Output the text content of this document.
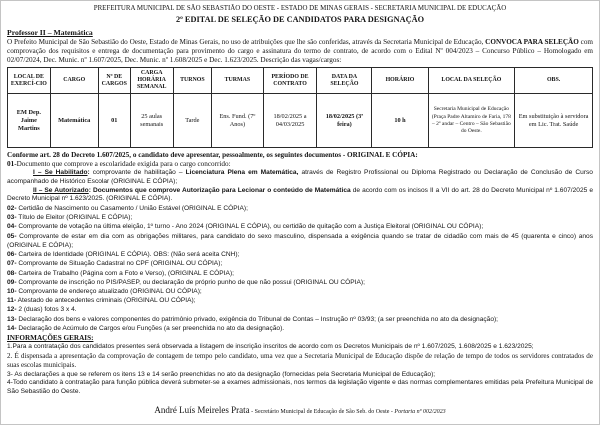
PREFEITURA MUNICIPAL DE SÃO SEBASTIÃO DO OESTE - ESTADO DE MINAS GERAIS - SECRETARIA MUNICIPAL DE EDUCAÇÃO
2º EDITAL DE SELEÇÃO DE CANDIDATOS PARA DESIGNAÇÃO
Professor II – Matemática
O Prefeito Municipal de São Sebastião do Oeste, Estado de Minas Gerais, no uso de atribuições que lhe são conferidas, através da Secretaria Municipal de Educação, CONVOCA PARA SELEÇÃO com comprovação dos requisitos e entrega de documentação para provimento do cargo e assinatura do termo de contrato, de acordo com o Edital Nº 004/2023 – Concurso Público – Homologado em 02/07/2024, Dec. Munic. nº 1.607/2025, Dec. Munic. nº 1.608/2025 e Dec. 1.623/2025. Descrição das vagas/cargos:
LOCAL DE EXERCÍ-CIO	CARGO	Nº DE CARGOS	CARGA HORÁRIA SEMANAL	TURNOS	TURMAS	PERÍODO DE CONTRATO	DATA DA SELEÇÃO	HORÁRIO	LOCAL DA SELEÇÃO	OBS.
EM Dep. Jaime Martins	Matemática	01	25 aulas semanais	Tarde	Ens. Fund. (7º Anos)	18/02/2025 a 04/03/2025	18/02/2025 (3ª feira)	10 h	Secretaria Municipal de Educação (Praça Padre Altamiro de Faria, 178 – 2º andar – Centro – São Sebastião do Oeste.	Em substituição à servidora em Lic. Trat. Saúde
Conforme art. 28 do Decreto 1.607/2025, o candidato deve apresentar, pessoalmente, os seguintes documentos - ORIGINAL E CÓPIA:
01-Documento que comprove a escolaridade exigida para o cargo concorrido:
I – Se Habilitado: comprovante de habilitação – Licenciatura Plena em Matemática, através de Registro Profissional ou Diploma Registrado ou Declaração de Conclusão de Curso acompanhado de Histórico Escolar (ORIGINAL E CÓPIA);
II – Se Autorizado: Documentos que comprove Autorização para Lecionar o conteúdo de Matemática de acordo com os incisos II a VII do art. 28 do Decreto Municipal nº 1.607/2025 e Decreto Municipal nº 1.623/2025. (ORIGINAL E CÓPIA).
02- Certidão de Nascimento ou Casamento / União Estável (ORIGINAL E CÓPIA);
03- Título de Eleitor (ORIGINAL E CÓPIA);
04- Comprovante de votação na última eleição, 1º turno - Ano 2024 (ORIGINAL E CÓPIA), ou certidão de quitação com a Justiça Eleitoral (ORIGINAL OU CÓPIA);
05- Comprovante de estar em dia com as obrigações militares, para candidato do sexo masculino, dispensada a exigência quando se tratar de cidadão com mais de 45 (quarenta e cinco) anos (ORIGINAL E CÓPIA);
06- Carteira de Identidade (ORIGINAL E CÓPIA). OBS: (Não será aceita CNH);
07- Comprovante de Situação Cadastral no CPF (ORIGINAL OU CÓPIA);
08- Carteira de Trabalho (Página com a Foto e Verso), (ORIGINAL E CÓPIA);
09- Comprovante de inscrição no PIS/PASEP, ou declaração de próprio punho de que não possui (ORIGINAL OU CÓPIA);
10- Comprovante de endereço atualizado (ORIGINAL OU CÓPIA);
11- Atestado de antecedentes criminais (ORIGINAL OU CÓPIA);
12- 2 (duas) fotos 3 x 4.
13- Declaração dos bens e valores componentes do patrimônio privado, exigência do Tribunal de Contas – Instrução nº 03/93; (a ser preenchida no ato da designação);
14- Declaração de Acúmulo de Cargos e/ou Funções (a ser preenchida no ato da designação).
INFORMAÇÕES GERAIS:
1.Para a contratação dos candidatos presentes será observada a listagem de inscrição inscritos de acordo com os Decretos Municipais de nº 1.607/2025, 1.608/2025 e 1.623/2025;
2. É dispensada a apresentação da comprovação de contagem de tempo pelo candidato, uma vez que a Secretaria Municipal de Educação dispõe de relação de tempo de todos os servidores contratados de suas escolas municipais.
3- As declarações a que se referem os itens 13 e 14 serão preenchidas no ato da designação (fornecidas pela Secretaria Municipal de Educação);
4-Todo candidato à contratação para função pública deverá submeter-se a exames admissionais, nos termos da legislação vigente e das normas complementares emitidas pela Prefeitura Municipal de São Sebastião do Oeste.
André Luís Meireles Prata - Secretário Municipal de Educação de São Seb. do Oeste - Portaria nº 002/2023
